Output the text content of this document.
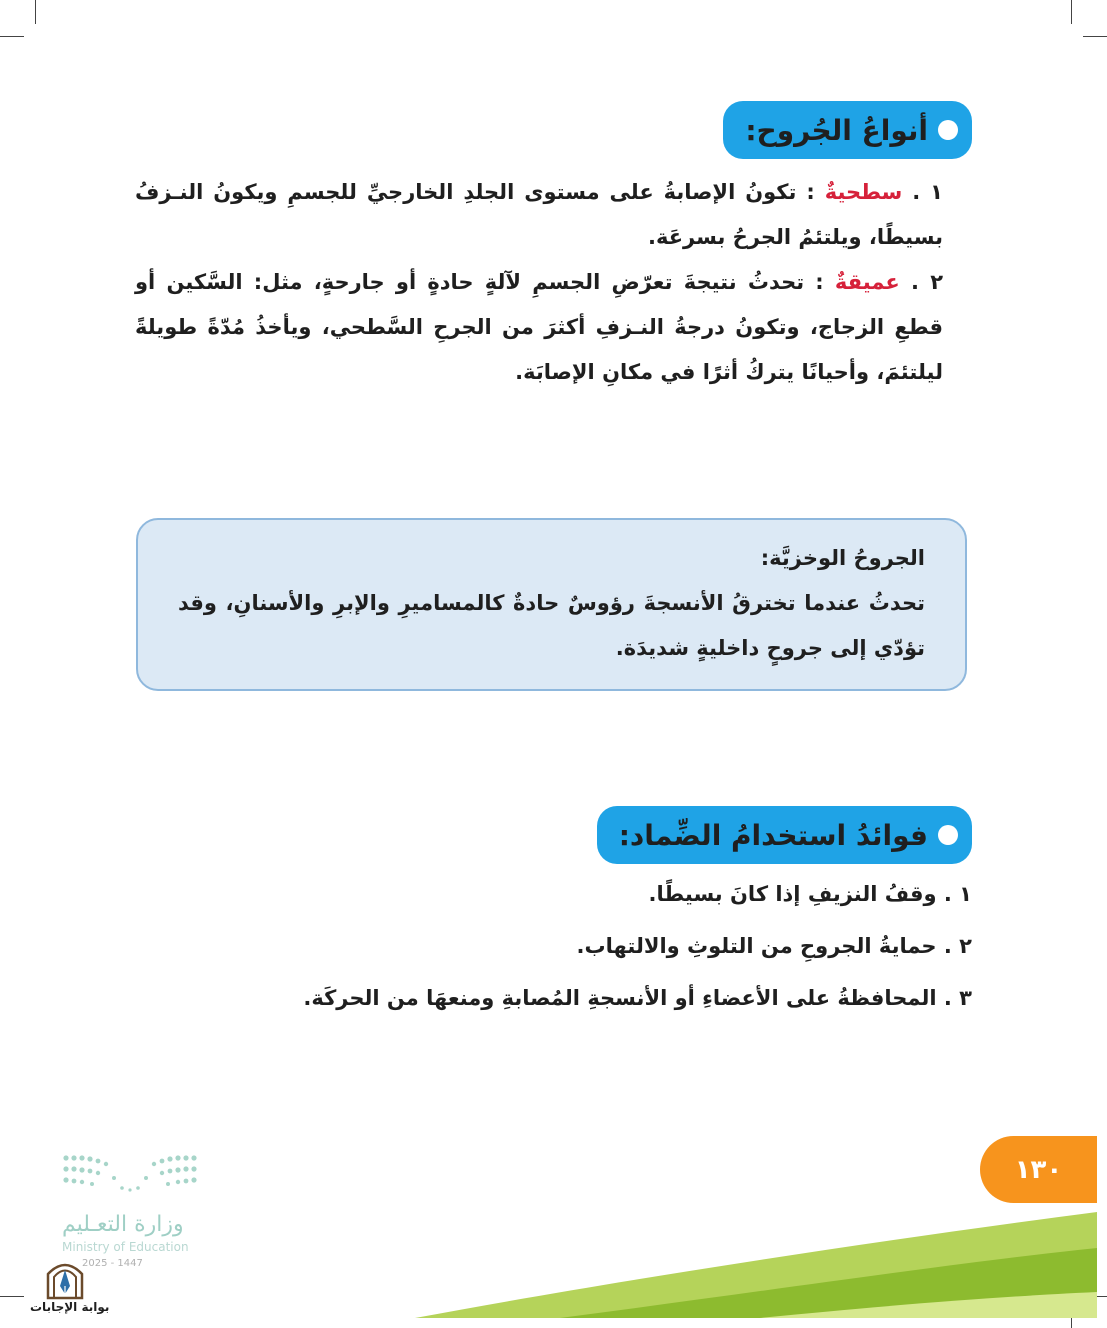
أنواعُ الجُروح:
١ . سطحيةٌ : تكونُ الإصابةُ على مستوى الجلدِ الخارجيِّ للجسمِ ويكونُ النـزفُ بسيطًا، ويلتئمُ الجرحُ بسرعَة.
٢ . عميقةٌ : تحدثُ نتيجةَ تعرّضِ الجسمِ لآلةٍ حادةٍ أو جارحةٍ، مثل: السَّكين أو قطعِ الزجاج، وتكونُ درجةُ النـزفِ أكثرَ من الجرحِ السَّطحي، ويأخذُ مُدّةً طويلةً ليلتئمَ، وأحيانًا يتركُ أثرًا في مكانِ الإصابَة.
الجروحُ الوخزيَّة:
تحدثُ عندما تخترقُ الأنسجةَ رؤوسٌ حادةٌ كالمساميرِ والإبرِ والأسنانِ، وقد تؤدّي إلى جروحٍ داخليةٍ شديدَة.
فوائدُ استخدامُ الضِّماد:
١ . وقفُ النزيفِ إذا كانَ بسيطًا.
٢ . حمايةُ الجروحِ من التلوثِ والالتهاب.
٣ . المحافظةُ على الأعضاءِ أو الأنسجةِ المُصابةِ ومنعهَا من الحركَة.
١٣٠
وزارة التعـليم
Ministry of Education
2025 - 1447
بوابة الإجابات
